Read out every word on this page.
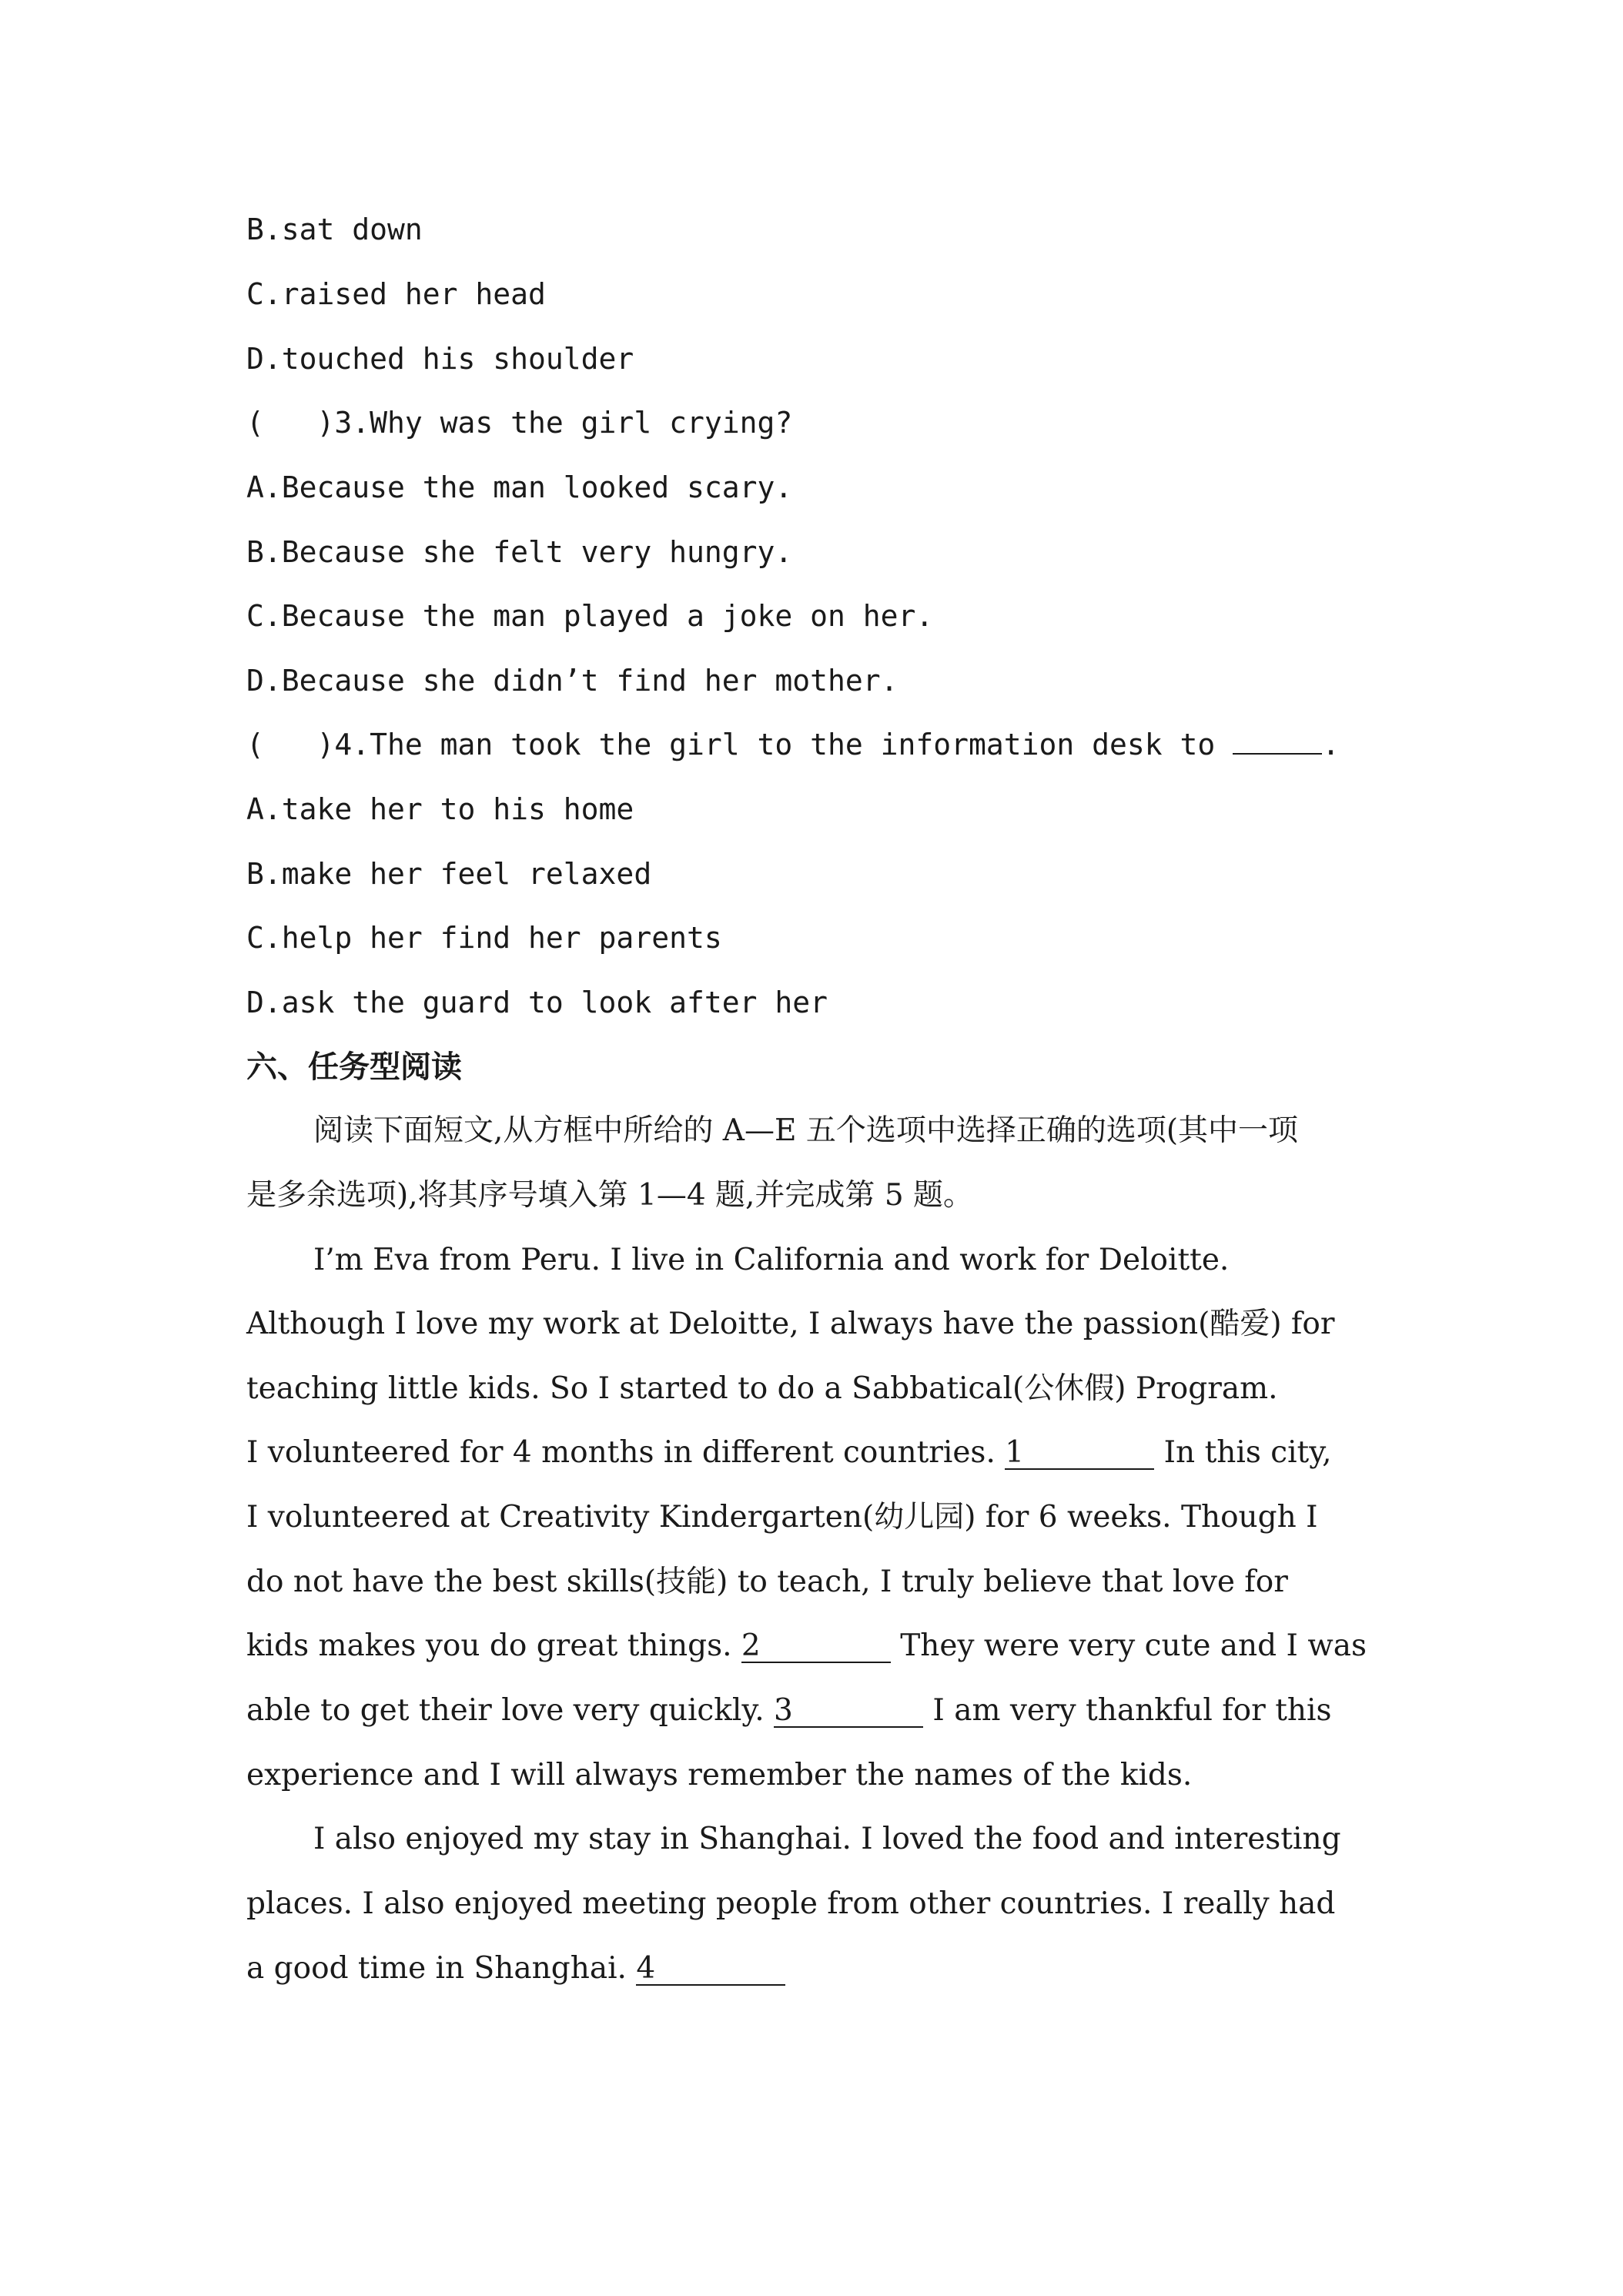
B.sat down
C.raised her head
D.touched his shoulder
(   )3.Why was the girl crying?
A.Because the man looked scary.
B.Because she felt very hungry.
C.Because the man played a joke on her.
D.Because she didn’t find her mother.
(   )4.The man took the girl to the information desk to	.
A.take her to his home
B.make her feel relaxed
C.help her find her parents
D.ask the guard to look after her
六、任务型阅读
阅读下面短文,从方框中所给的 A—E 五个选项中选择正确的选项(其中一项
是多余选项),将其序号填入第 1—4 题,并完成第 5 题。
I’m Eva from Peru. I live in California and work for Deloitte.
Although I love my work at Deloitte, I always have the passion(酷爱) for
teaching little kids. So I started to do a Sabbatical(公休假) Program.
I volunteered for 4 months in different countries. 1	In this city,
I volunteered at Creativity Kindergarten(幼儿园) for 6 weeks. Though I
do not have the best skills(技能) to teach, I truly believe that love for
kids makes you do great things. 2	They were very cute and I was
able to get their love very quickly. 3	I am very thankful for this
experience and I will always remember the names of the kids.
I also enjoyed my stay in Shanghai. I loved the food and interesting
places. I also enjoyed meeting people from other countries. I really had
a good time in Shanghai. 4
